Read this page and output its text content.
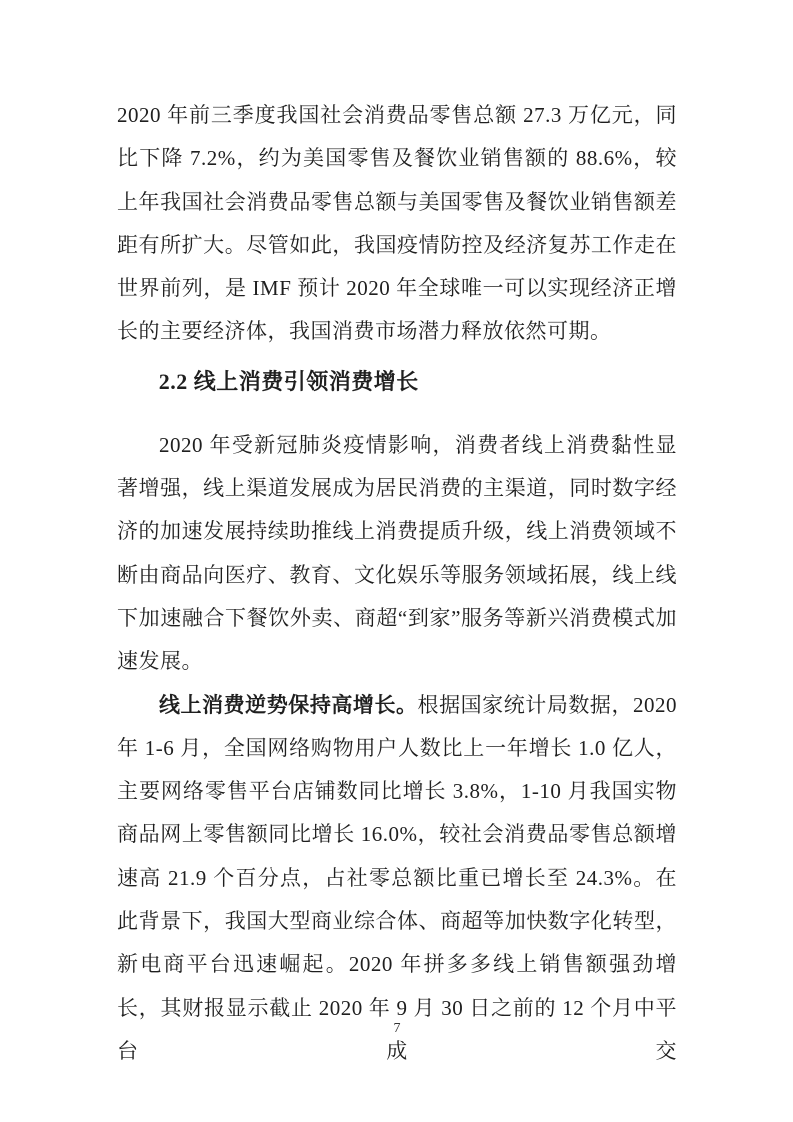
2020 年前三季度我国社会消费品零售总额 27.3 万亿元，同比下降 7.2%，约为美国零售及餐饮业销售额的 88.6%，较上年我国社会消费品零售总额与美国零售及餐饮业销售额差距有所扩大。尽管如此，我国疫情防控及经济复苏工作走在世界前列，是 IMF 预计 2020 年全球唯一可以实现经济正增长的主要经济体，我国消费市场潜力释放依然可期。

2.2 线上消费引领消费增长

2020 年受新冠肺炎疫情影响，消费者线上消费黏性显著增强，线上渠道发展成为居民消费的主渠道，同时数字经济的加速发展持续助推线上消费提质升级，线上消费领域不断由商品向医疗、教育、文化娱乐等服务领域拓展，线上线下加速融合下餐饮外卖、商超“到家”服务等新兴消费模式加速发展。

线上消费逆势保持高增长。根据国家统计局数据，2020 年 1-6 月，全国网络购物用户人数比上一年增长 1.0 亿人，主要网络零售平台店铺数同比增长 3.8%，1-10 月我国实物商品网上零售额同比增长 16.0%，较社会消费品零售总额增速高 21.9 个百分点，占社零总额比重已增长至 24.3%。在此背景下，我国大型商业综合体、商超等加快数字化转型，新电商平台迅速崛起。2020 年拼多多线上销售额强劲增长，其财报显示截止 2020 年 9 月 30 日之前的 12 个月中平台成交

7
